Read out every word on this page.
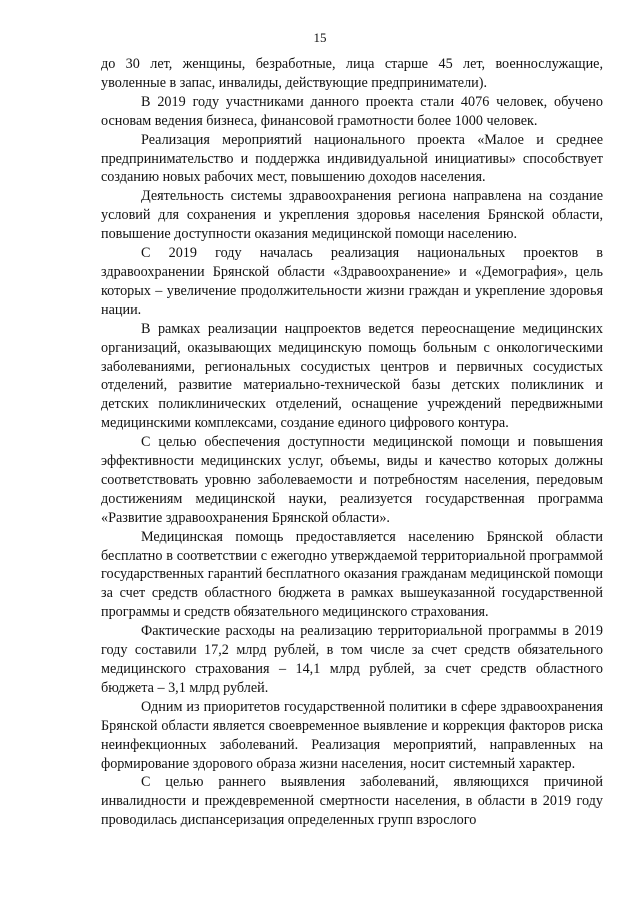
15

до 30 лет, женщины, безработные, лица старше 45 лет, военнослужащие, уволенные в запас, инвалиды, действующие предприниматели).

В 2019 году участниками данного проекта стали 4076 человек, обучено основам ведения бизнеса, финансовой грамотности более 1000 человек.

Реализация мероприятий национального проекта «Малое и среднее предпринимательство и поддержка индивидуальной инициативы» способствует созданию новых рабочих мест, повышению доходов населения.

Деятельность системы здравоохранения региона направлена на создание условий для сохранения и укрепления здоровья населения Брянской области, повышение доступности оказания медицинской помощи населению.

С 2019 году началась реализация национальных проектов в здравоохранении Брянской области «Здравоохранение» и «Демография», цель которых – увеличение продолжительности жизни граждан и укрепление здоровья нации.

В рамках реализации нацпроектов ведется переоснащение медицинских организаций, оказывающих медицинскую помощь больным с онкологическими заболеваниями, региональных сосудистых центров и первичных сосудистых отделений, развитие материально-технической базы детских поликлиник и детских поликлинических отделений, оснащение учреждений передвижными медицинскими комплексами, создание единого цифрового контура.

С целью обеспечения доступности медицинской помощи и повышения эффективности медицинских услуг, объемы, виды и качество которых должны соответствовать уровню заболеваемости и потребностям населения, передовым достижениям медицинской науки, реализуется государственная программа «Развитие здравоохранения Брянской области».

Медицинская помощь предоставляется населению Брянской области бесплатно в соответствии с ежегодно утверждаемой территориальной программой государственных гарантий бесплатного оказания гражданам медицинской помощи за счет средств областного бюджета в рамках вышеуказанной государственной программы и средств обязательного медицинского страхования.

Фактические расходы на реализацию территориальной программы в 2019 году составили 17,2 млрд рублей, в том числе за счет средств обязательного медицинского страхования – 14,1 млрд рублей, за счет средств областного бюджета – 3,1 млрд рублей.

Одним из приоритетов государственной политики в сфере здравоохранения Брянской области является своевременное выявление и коррекция факторов риска неинфекционных заболеваний. Реализация мероприятий, направленных на формирование здорового образа жизни населения, носит системный характер.

С целью раннего выявления заболеваний, являющихся причиной инвалидности и преждевременной смертности населения, в области в 2019 году проводилась диспансеризация определенных групп взрослого
